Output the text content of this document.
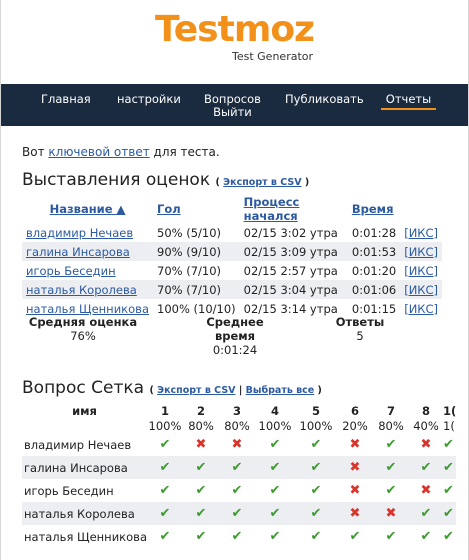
Testmoz
Test Generator
Главная настройки Вопросов
Выйти
Публиковать	Отчеты
Вот ключевой ответ для теста.
Выставления оценок ( Экспорт в CSV )
Название ▲	Гол	Процесс начался	Время	
владимир Нечаев	50% (5/10)	02/15 3:02 утра	0:01:28	[ИКС]
галина Инсарова	90% (9/10)	02/15 3:09 утра	0:01:53	[ИКС]
игорь Беседин	70% (7/10)	02/15 2:57 утра	0:01:20	[ИКС]
наталья Королева	70% (7/10)	02/15 3:04 утра	0:01:06	[ИКС]
наталья Щенникова	100% (10/10)	02/15 3:14 утра	0:01:15	[ИКС]
Средняя оценка
76%
Среднее время
0:01:24
Ответы
5
Вопрос Сетка ( Экспорт в CSV | Выбрать все )
имя	1	2	3	4	5	6	7	8	1(
	100%	80%	80%	100%	100%	20%	80%	40%	1(
владимир Нечаев	✔	✖	✖	✔	✔	✖	✔	✖	✔
галина Инсарова	✔	✔	✔	✔	✔	✖	✔	✔	✔
игорь Беседин	✔	✔	✔	✔	✔	✖	✔	✖	✔
наталья Королева	✔	✔	✔	✔	✔	✖	✖	✔	✔
наталья Щенникова	✔	✔	✔	✔	✔	✔	✔	✔	✔
